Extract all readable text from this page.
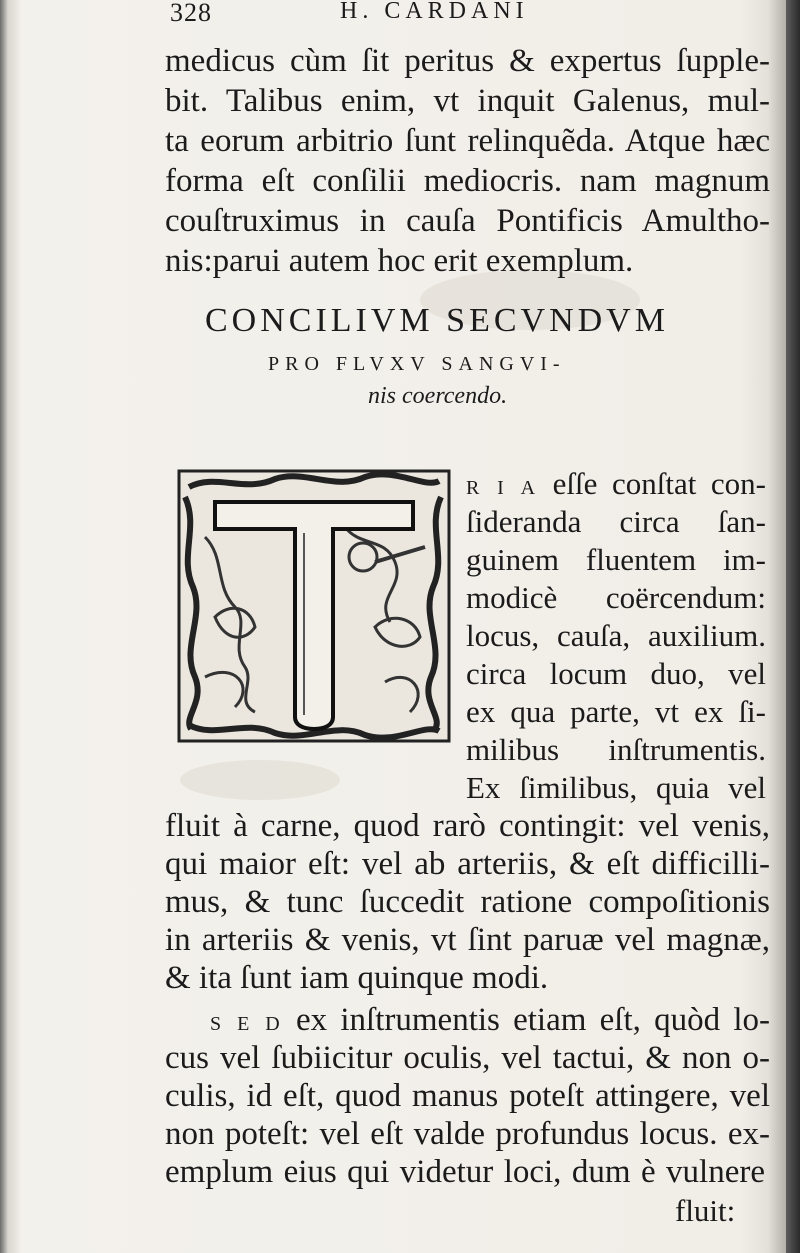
328	H. CARDANI
medicus cùm ſit peritus & expertus ſupple-
bit. Talibus enim, vt inquit Galenus, mul-
ta eorum arbitrio ſunt relinquẽda. Atque hæc
forma eſt conſilii mediocris. nam magnum
couſtruximus in cauſa Pontificis Amultho-
nis:parui autem hoc erit exemplum.
CONCILIVM SECVNDVM
PRO FLVXV SANGVI-
nis coercendo.
R I A eſſe conſtat con-
ſideranda circa ſan-
guinem fluentem im-
modicè coërcendum:
locus, cauſa, auxilium.
circa locum duo, vel
ex qua parte, vt ex ſi-
milibus inſtrumentis.
Ex ſimilibus, quia vel
fluit à carne, quod rarò contingit: vel venis,
qui maior eſt: vel ab arteriis, & eſt difficilli-
mus, & tunc ſuccedit ratione compoſitionis
in arteriis & venis, vt ſint paruæ vel magnæ,
& ita ſunt iam quinque modi.
S E D ex inſtrumentis etiam eſt, quòd lo-
cus vel ſubiicitur oculis, vel tactui, & non o-
culis, id eſt, quod manus poteſt attingere, vel
non poteſt: vel eſt valde profundus locus. ex-
emplum eius qui videtur loci, dum è vulnere
fluit:
